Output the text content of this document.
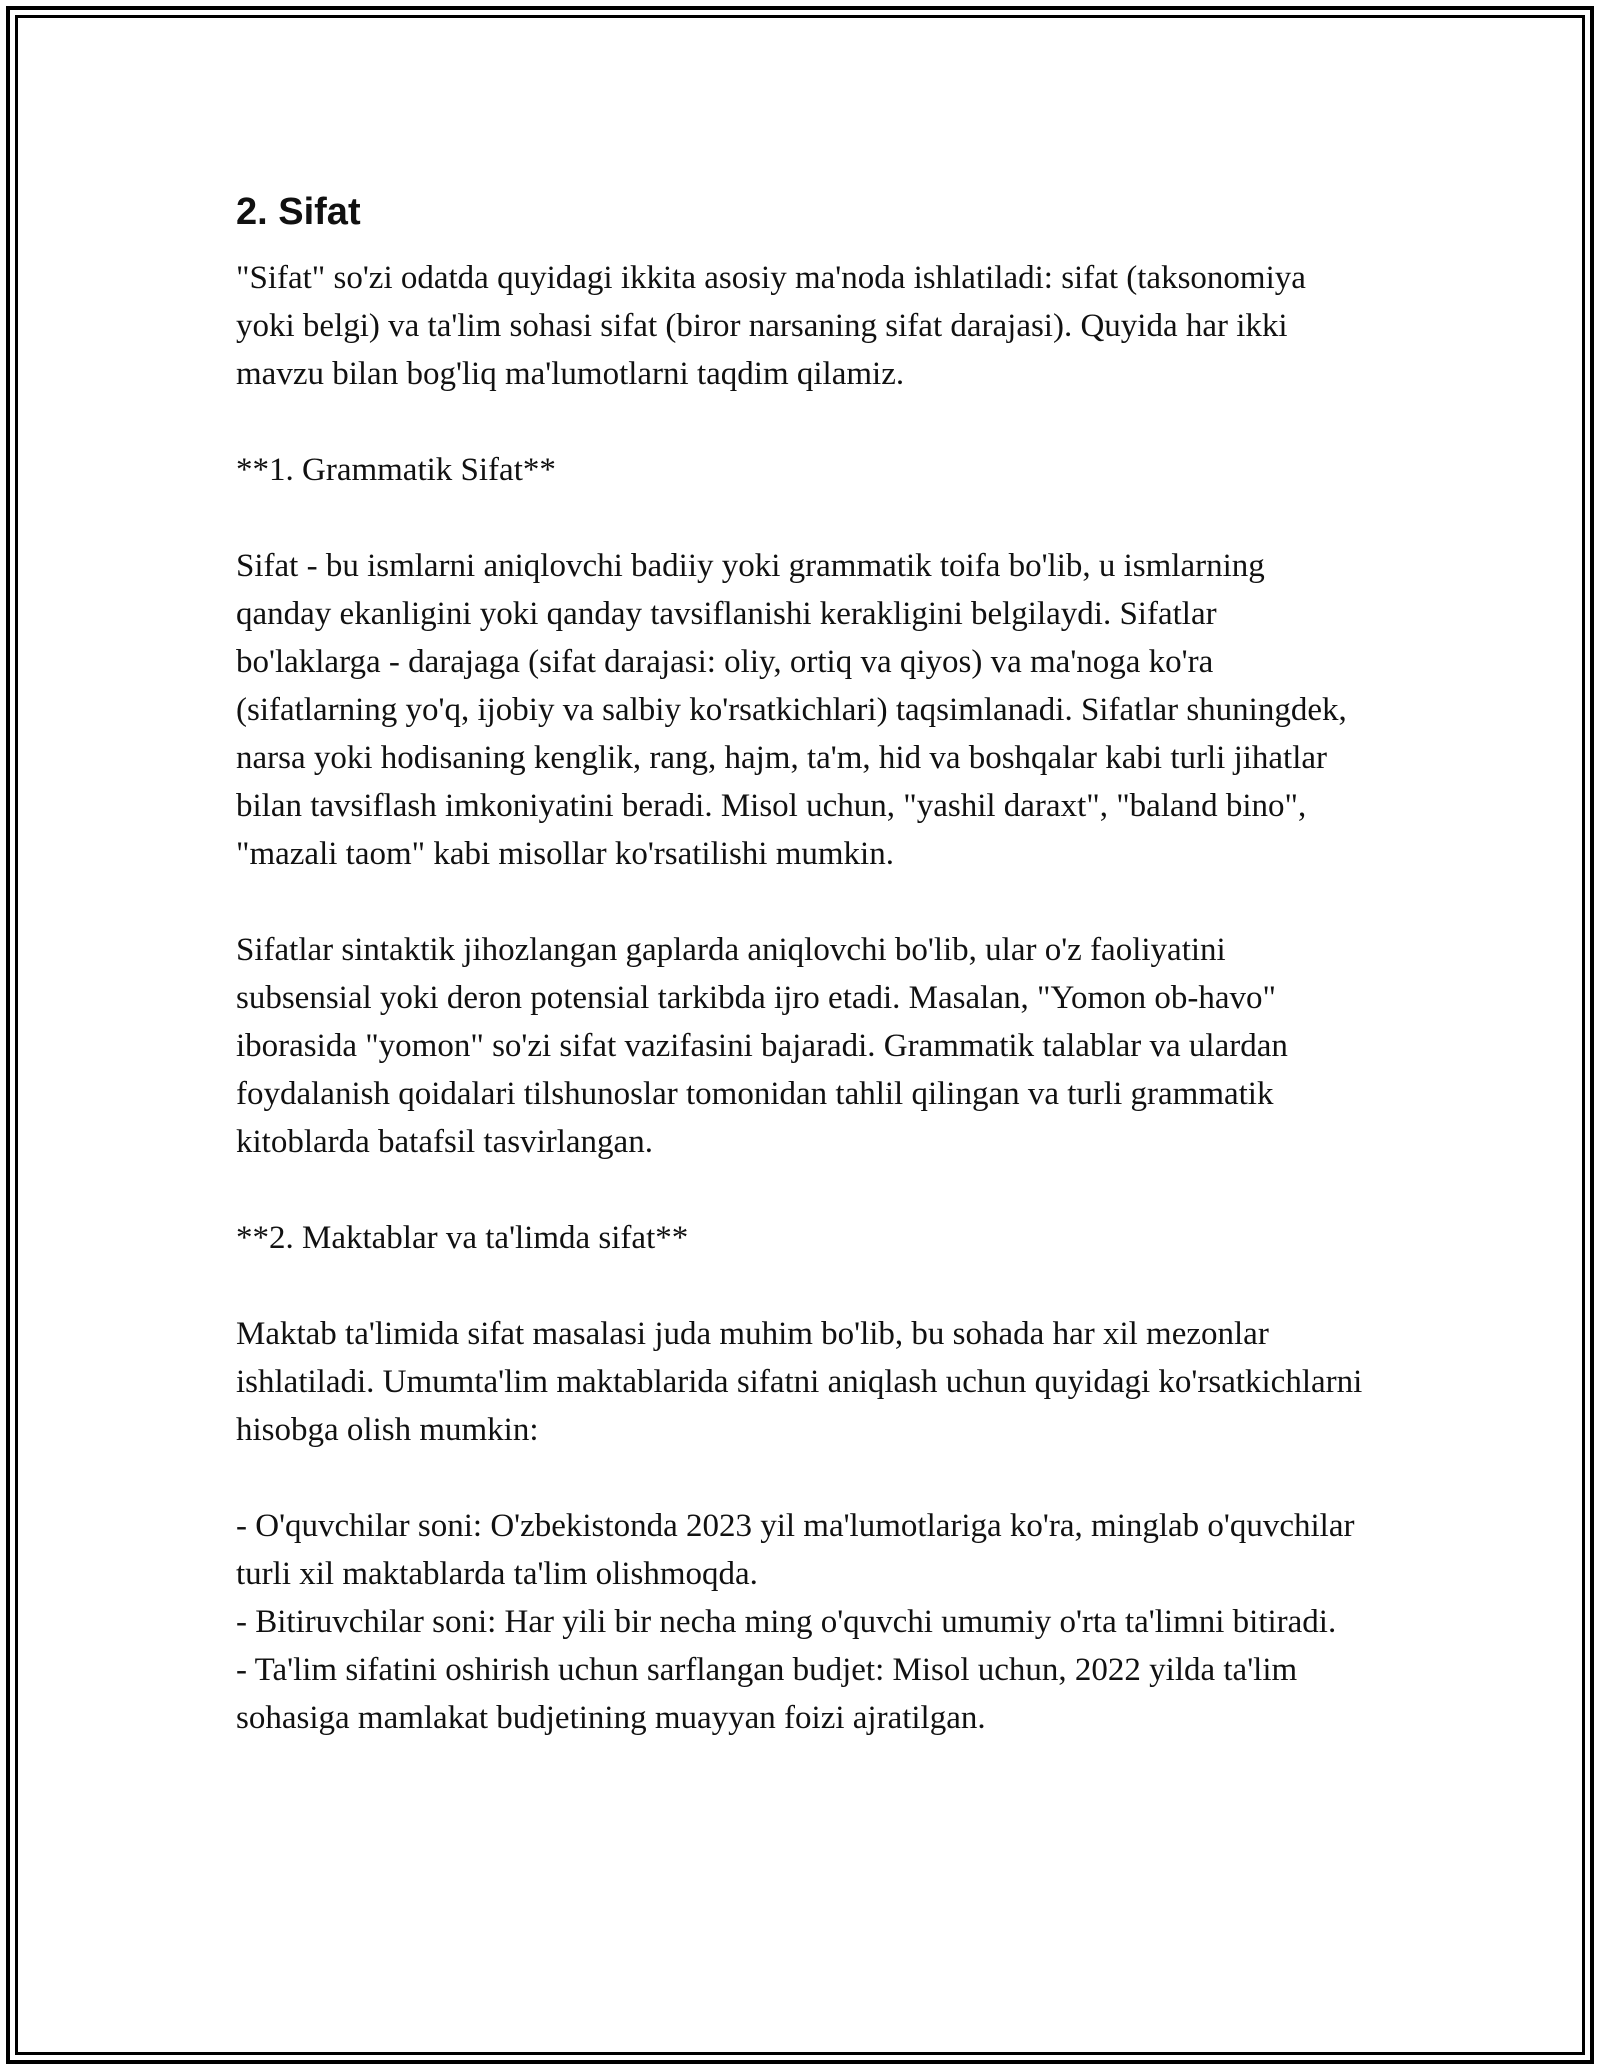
2. Sifat

"Sifat" so'zi odatda quyidagi ikkita asosiy ma'noda ishlatiladi: sifat (taksonomiya yoki belgi) va ta'lim sohasi sifat (biror narsaning sifat darajasi). Quyida har ikki mavzu bilan bog'liq ma'lumotlarni taqdim qilamiz.

**1. Grammatik Sifat**

Sifat - bu ismlarni aniqlovchi badiiy yoki grammatik toifa bo'lib, u ismlarning qanday ekanligini yoki qanday tavsiflanishi kerakligini belgilaydi. Sifatlar bo'laklarga - darajaga (sifat darajasi: oliy, ortiq va qiyos) va ma'noga ko'ra (sifatlarning yo'q, ijobiy va salbiy ko'rsatkichlari) taqsimlanadi. Sifatlar shuningdek, narsa yoki hodisaning kenglik, rang, hajm, ta'm, hid va boshqalar kabi turli jihatlar bilan tavsiflash imkoniyatini beradi. Misol uchun, "yashil daraxt", "baland bino", "mazali taom" kabi misollar ko'rsatilishi mumkin.

Sifatlar sintaktik jihozlangan gaplarda aniqlovchi bo'lib, ular o'z faoliyatini subsensial yoki deron potensial tarkibda ijro etadi. Masalan, "Yomon ob-havo" iborasida "yomon" so'zi sifat vazifasini bajaradi. Grammatik talablar va ulardan foydalanish qoidalari tilshunoslar tomonidan tahlil qilingan va turli grammatik kitoblarda batafsil tasvirlangan.

**2. Maktablar va ta'limda sifat**

Maktab ta'limida sifat masalasi juda muhim bo'lib, bu sohada har xil mezonlar ishlatiladi. Umumta'lim maktablarida sifatni aniqlash uchun quyidagi ko'rsatkichlarni hisobga olish mumkin:

- O'quvchilar soni: O'zbekistonda 2023 yil ma'lumotlariga ko'ra, minglab o'quvchilar turli xil maktablarda ta'lim olishmoqda.
- Bitiruvchilar soni: Har yili bir necha ming o'quvchi umumiy o'rta ta'limni bitiradi.
- Ta'lim sifatini oshirish uchun sarflangan budjet: Misol uchun, 2022 yilda ta'lim sohasiga mamlakat budjetining muayyan foizi ajratilgan.
